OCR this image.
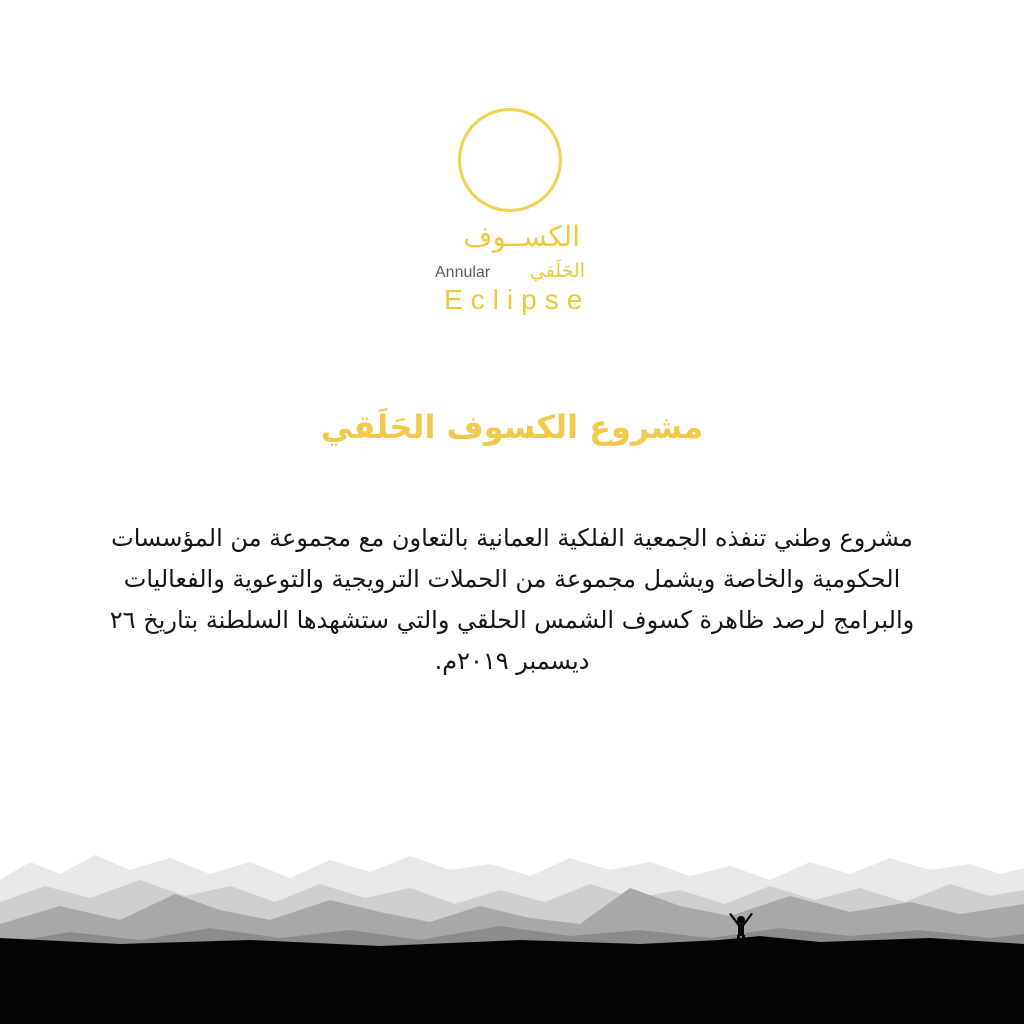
الكســوف
Annular الحَلَقي
Eclipse
مشروع الكسوف الحَلَقي
مشروع وطني تنفذه الجمعية الفلكية العمانية بالتعاون مع مجموعة من المؤسسات الحكومية والخاصة ويشمل مجموعة من الحملات الترويجية والتوعوية والفعاليات والبرامج لرصد ظاهرة كسوف الشمس الحلقي والتي ستشهدها السلطنة بتاريخ ٢٦ ديسمبر ٢٠١٩م.
